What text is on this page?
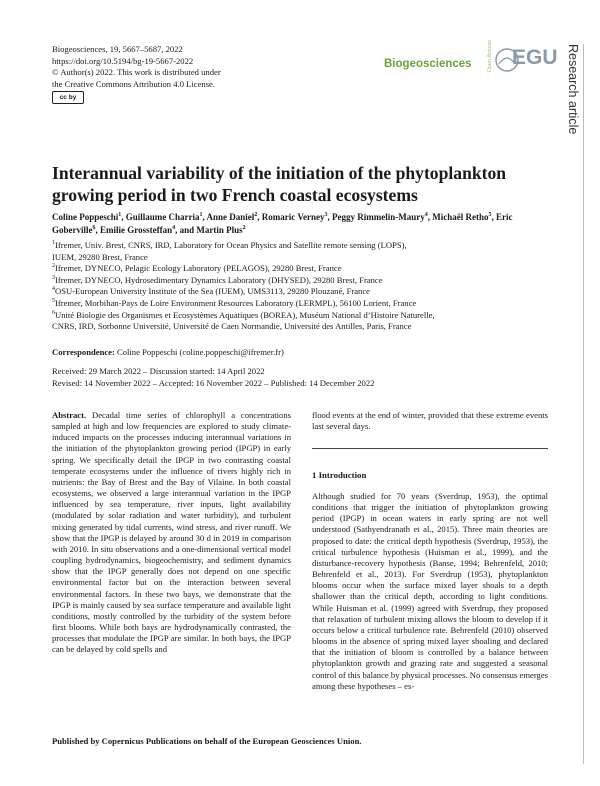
Biogeosciences, 19, 5667–5687, 2022
https://doi.org/10.5194/bg-19-5667-2022
© Author(s) 2022. This work is distributed under
the Creative Commons Attribution 4.0 License.
cc by
Biogeosciences	Open Access EGU Research article
Interannual variability of the initiation of the phytoplankton
growing period in two French coastal ecosystems
Coline Poppeschi$^1$, Guillaume Charria$^1$, Anne Daniel$^2$, Romaric Verney$^3$, Peggy Rimmelin-Maury$^4$, Michaël Retho$^5$, Eric Goberville$^6$, Emilie Grossteffan$^4$, and Martin Plus$^2$
$^1$Ifremer, Univ. Brest, CNRS, IRD, Laboratory for Ocean Physics and Satellite remote sensing (LOPS),
IUEM, 29280 Brest, France
$^2$Ifremer, DYNECO, Pelagic Ecology Laboratory (PELAGOS), 29280 Brest, France
$^3$Ifremer, DYNECO, Hydrosedimentary Dynamics Laboratory (DHYSED), 29280 Brest, France
$^4$OSU-European University Institute of the Sea (IUEM), UMS3113, 29280 Plouzané, France
$^5$Ifremer, Morbihan-Pays de Loire Environment Resources Laboratory (LERMPL), 56100 Lorient, France
$^6$Unité Biologie des Organismes et Ecosystèmes Aquatiques (BOREA), Muséum National d’Histoire Naturelle,
CNRS, IRD, Sorbonne Université, Université de Caen Normandie, Université des Antilles, Paris, France
Correspondence: Coline Poppeschi (coline.poppeschi@ifremer.fr)
Received: 29 March 2022 – Discussion started: 14 April 2022
Revised: 14 November 2022 – Accepted: 16 November 2022 – Published: 14 December 2022
Abstract. Decadal time series of chlorophyll a concentrations sampled at high and low frequencies are explored to study climate-induced impacts on the processes inducing interannual variations in the initiation of the phytoplankton growing period (IPGP) in early spring. We specifically detail the IPGP in two contrasting coastal temperate ecosystems under the influence of rivers highly rich in nutrients: the Bay of Brest and the Bay of Vilaine. In both coastal ecosystems, we observed a large interannual variation in the IPGP influenced by sea temperature, river inputs, light availability (modulated by solar radiation and water turbidity), and turbulent mixing generated by tidal currents, wind stress, and river runoff. We show that the IPGP is delayed by around 30 d in 2019 in comparison with 2010. In situ observations and a one-dimensional vertical model coupling hydrodynamics, biogeochemistry, and sediment dynamics show that the IPGP generally does not depend on one specific environmental factor but on the interaction between several environmental factors. In these two bays, we demonstrate that the IPGP is mainly caused by sea surface temperature and available light conditions, mostly controlled by the turbidity of the system before first blooms. While both bays are hydrodynamically contrasted, the processes that modulate the IPGP are similar. In both bays, the IPGP can be delayed by cold spells and
flood events at the end of winter, provided that these extreme events last several days.
1 Introduction
Although studied for 70 years (Sverdrup, 1953), the optimal conditions that trigger the initiation of phytoplankton growing period (IPGP) in ocean waters in early spring are not well understood (Sathyendranath et al., 2015). Three main theories are proposed to date: the critical depth hypothesis (Sverdrup, 1953), the critical turbulence hypothesis (Huisman et al., 1999), and the disturbance-recovery hypothesis (Banse, 1994; Behrenfeld, 2010; Behrenfeld et al., 2013). For Sverdrup (1953), phytoplankton blooms occur when the surface mixed layer shoals to a depth shallower than the critical depth, according to light conditions. While Huisman et al. (1999) agreed with Sverdrup, they proposed that relaxation of turbulent mixing allows the bloom to develop if it occurs below a critical turbulence rate. Behrenfeld (2010) observed blooms in the absence of spring mixed layer shoaling and declared that the initiation of bloom is controlled by a balance between phytoplankton growth and grazing rate and suggested a seasonal control of this balance by physical processes. No consensus emerges among these hypotheses – es-
Published by Copernicus Publications on behalf of the European Geosciences Union.
